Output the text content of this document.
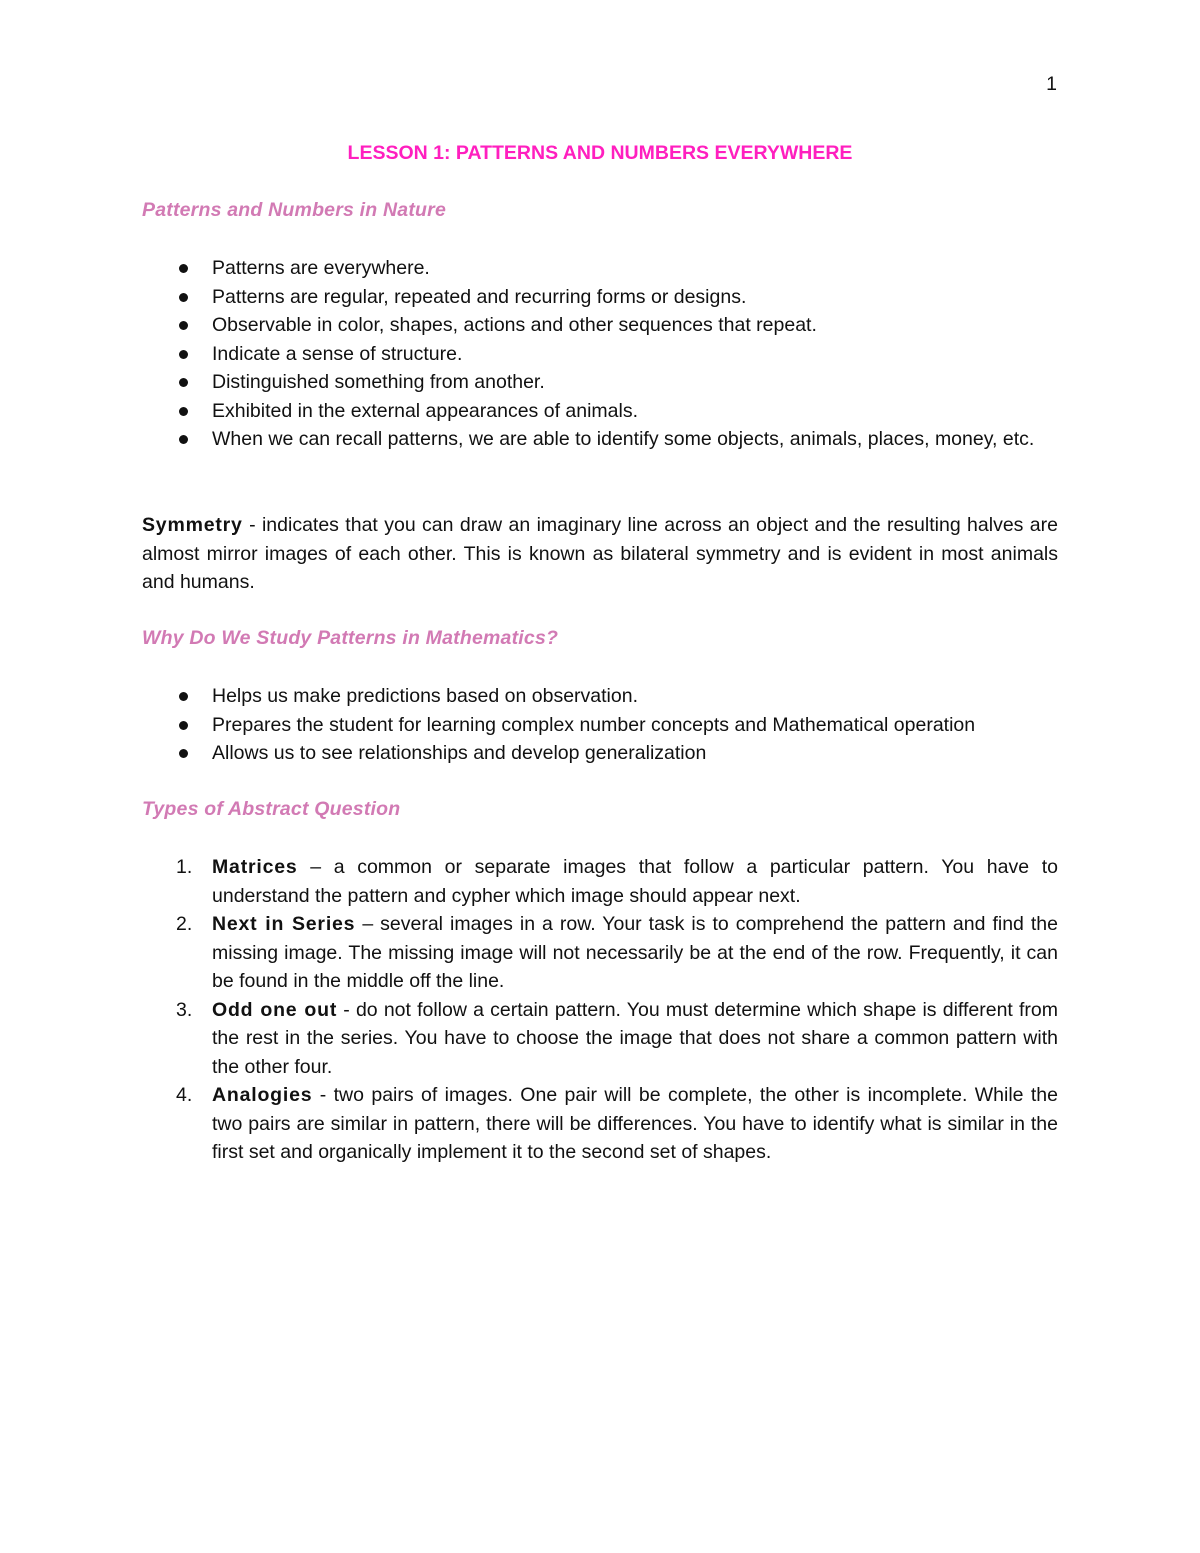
1
LESSON 1: PATTERNS AND NUMBERS EVERYWHERE
Patterns and Numbers in Nature
Patterns are everywhere.
Patterns are regular, repeated and recurring forms or designs.
Observable in color, shapes, actions and other sequences that repeat.
Indicate a sense of structure.
Distinguished something from another.
Exhibited in the external appearances of animals.
When we can recall patterns, we are able to identify some objects, animals, places, money, etc.

Symmetry - indicates that you can draw an imaginary line across an object and the resulting halves are almost mirror images of each other. This is known as bilateral symmetry and is evident in most animals and humans.

Why Do We Study Patterns in Mathematics?
Helps us make predictions based on observation.
Prepares the student for learning complex number concepts and Mathematical operation
Allows us to see relationships and develop generalization
Types of Abstract Question
1. Matrices – a common or separate images that follow a particular pattern. You have to understand the pattern and cypher which image should appear next.
2. Next in Series – several images in a row. Your task is to comprehend the pattern and find the missing image. The missing image will not necessarily be at the end of the row. Frequently, it can be found in the middle off the line.
3. Odd one out - do not follow a certain pattern. You must determine which shape is different from the rest in the series. You have to choose the image that does not share a common pattern with the other four.
4. Analogies - two pairs of images. One pair will be complete, the other is incomplete. While the two pairs are similar in pattern, there will be differences. You have to identify what is similar in the first set and organically implement it to the second set of shapes.
